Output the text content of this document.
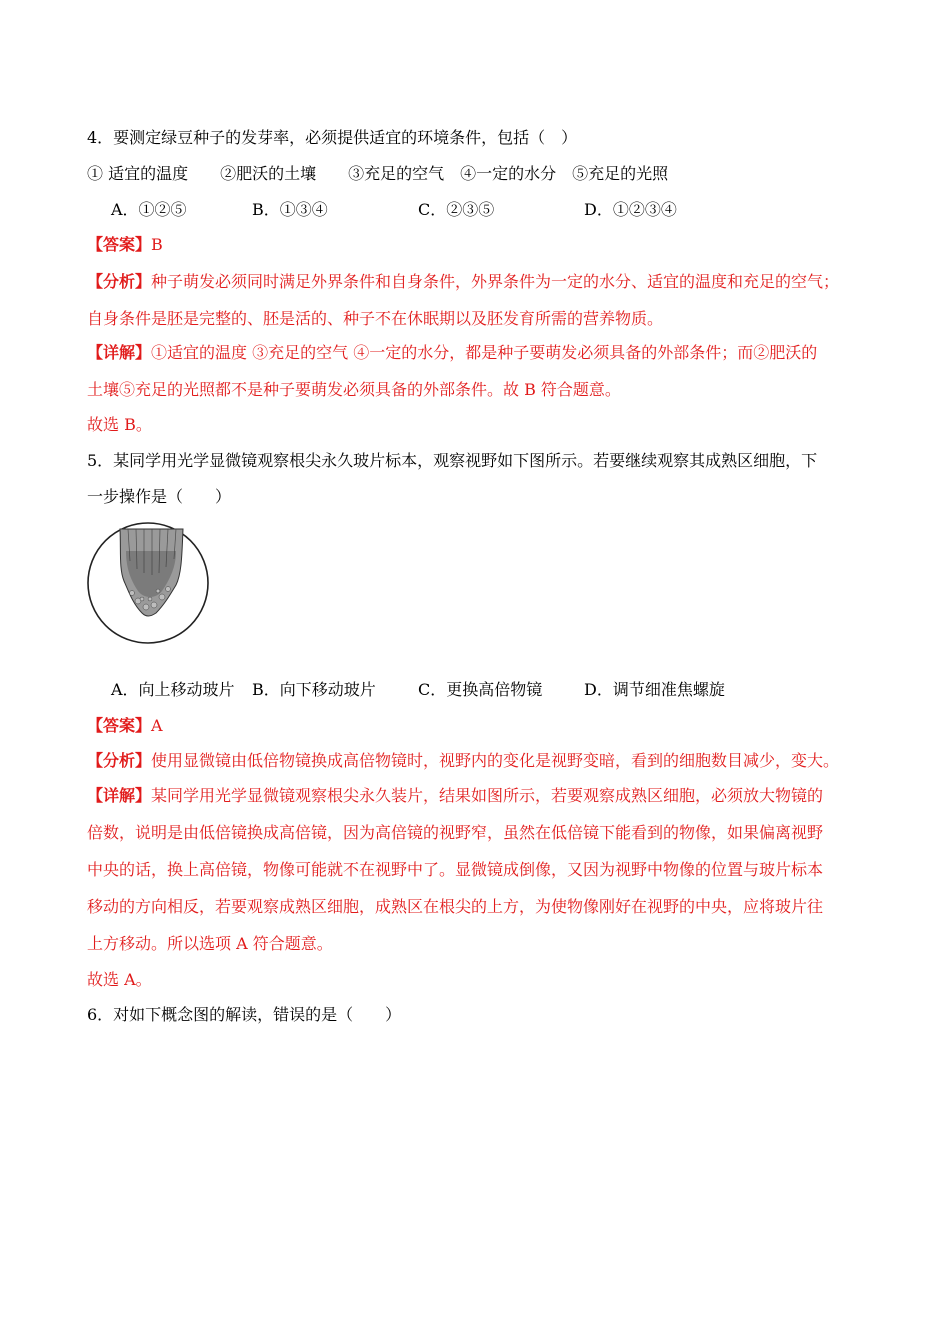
4．要测定绿豆种子的发芽率，必须提供适宜的环境条件，包括（　）
① 适宜的温度　　②肥沃的土壤　　③充足的空气　④一定的水分　⑤充足的光照
A．①②⑤	B．①③④	C．②③⑤	D．①②③④
【答案】B
【分析】种子萌发必须同时满足外界条件和自身条件，外界条件为一定的水分、适宜的温度和充足的空气；
自身条件是胚是完整的、胚是活的、种子不在休眠期以及胚发育所需的营养物质。
【详解】①适宜的温度 ③充足的空气 ④一定的水分，都是种子要萌发必须具备的外部条件；而②肥沃的
土壤⑤充足的光照都不是种子要萌发必须具备的外部条件。故 B 符合题意。
故选 B。
5．某同学用光学显微镜观察根尖永久玻片标本，观察视野如下图所示。若要继续观察其成熟区细胞，下
一步操作是（　　）
A．向上移动玻片 B．向下移动玻片	C．更换高倍物镜	D．调节细准焦螺旋
【答案】A
【分析】使用显微镜由低倍物镜换成高倍物镜时，视野内的变化是视野变暗，看到的细胞数目减少，变大。
【详解】某同学用光学显微镜观察根尖永久装片，结果如图所示，若要观察成熟区细胞，必须放大物镜的
倍数，说明是由低倍镜换成高倍镜，因为高倍镜的视野窄，虽然在低倍镜下能看到的物像，如果偏离视野
中央的话，换上高倍镜，物像可能就不在视野中了。显微镜成倒像，又因为视野中物像的位置与玻片标本
移动的方向相反，若要观察成熟区细胞，成熟区在根尖的上方，为使物像刚好在视野的中央，应将玻片往
上方移动。所以选项 A 符合题意。
故选 A。
6．对如下概念图的解读，错误的是（　　）
